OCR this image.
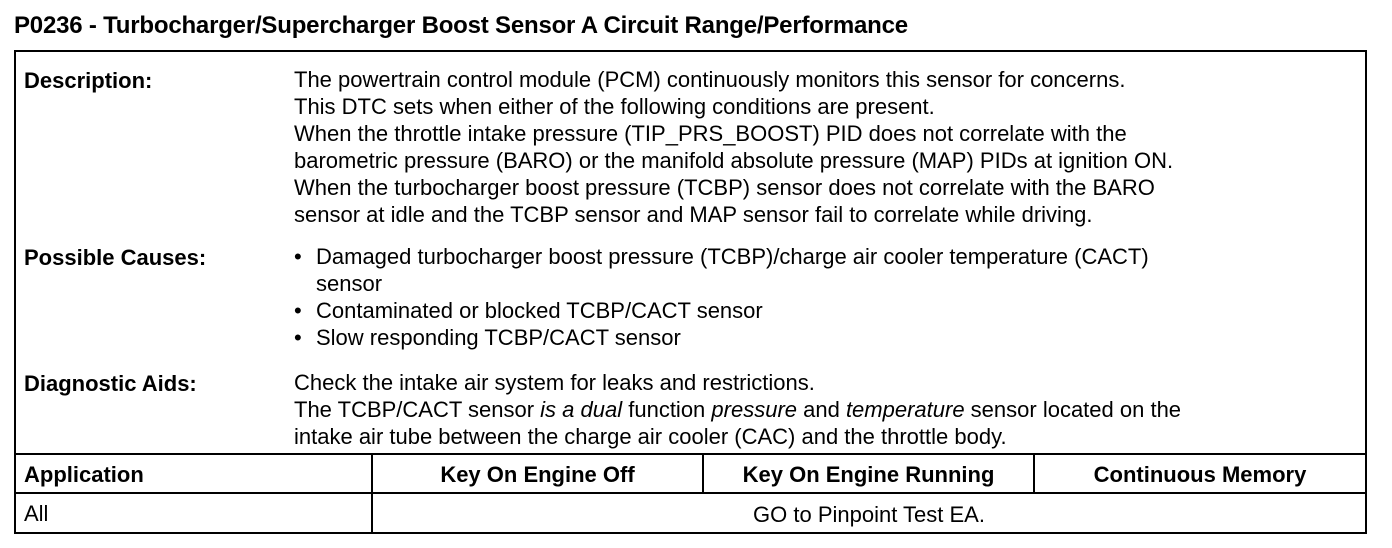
P0236 - Turbocharger/Supercharger Boost Sensor A Circuit Range/Performance
Description:	The powertrain control module (PCM) continuously monitors this sensor for concerns.
This DTC sets when either of the following conditions are present.
When the throttle intake pressure (TIP_PRS_BOOST) PID does not correlate with the
barometric pressure (BARO) or the manifold absolute pressure (MAP) PIDs at ignition ON.
When the turbocharger boost pressure (TCBP) sensor does not correlate with the BARO
sensor at idle and the TCBP sensor and MAP sensor fail to correlate while driving.
Possible Causes:	• Damaged turbocharger boost pressure (TCBP)/charge air cooler temperature (CACT)
sensor
• Contaminated or blocked TCBP/CACT sensor
• Slow responding TCBP/CACT sensor
Diagnostic Aids:	Check the intake air system for leaks and restrictions.
The TCBP/CACT sensor is a dual function pressure and temperature sensor located on the
intake air tube between the charge air cooler (CAC) and the throttle body.
Application	Key On Engine Off	Key On Engine Running	Continuous Memory
All	GO to Pinpoint Test EA.
